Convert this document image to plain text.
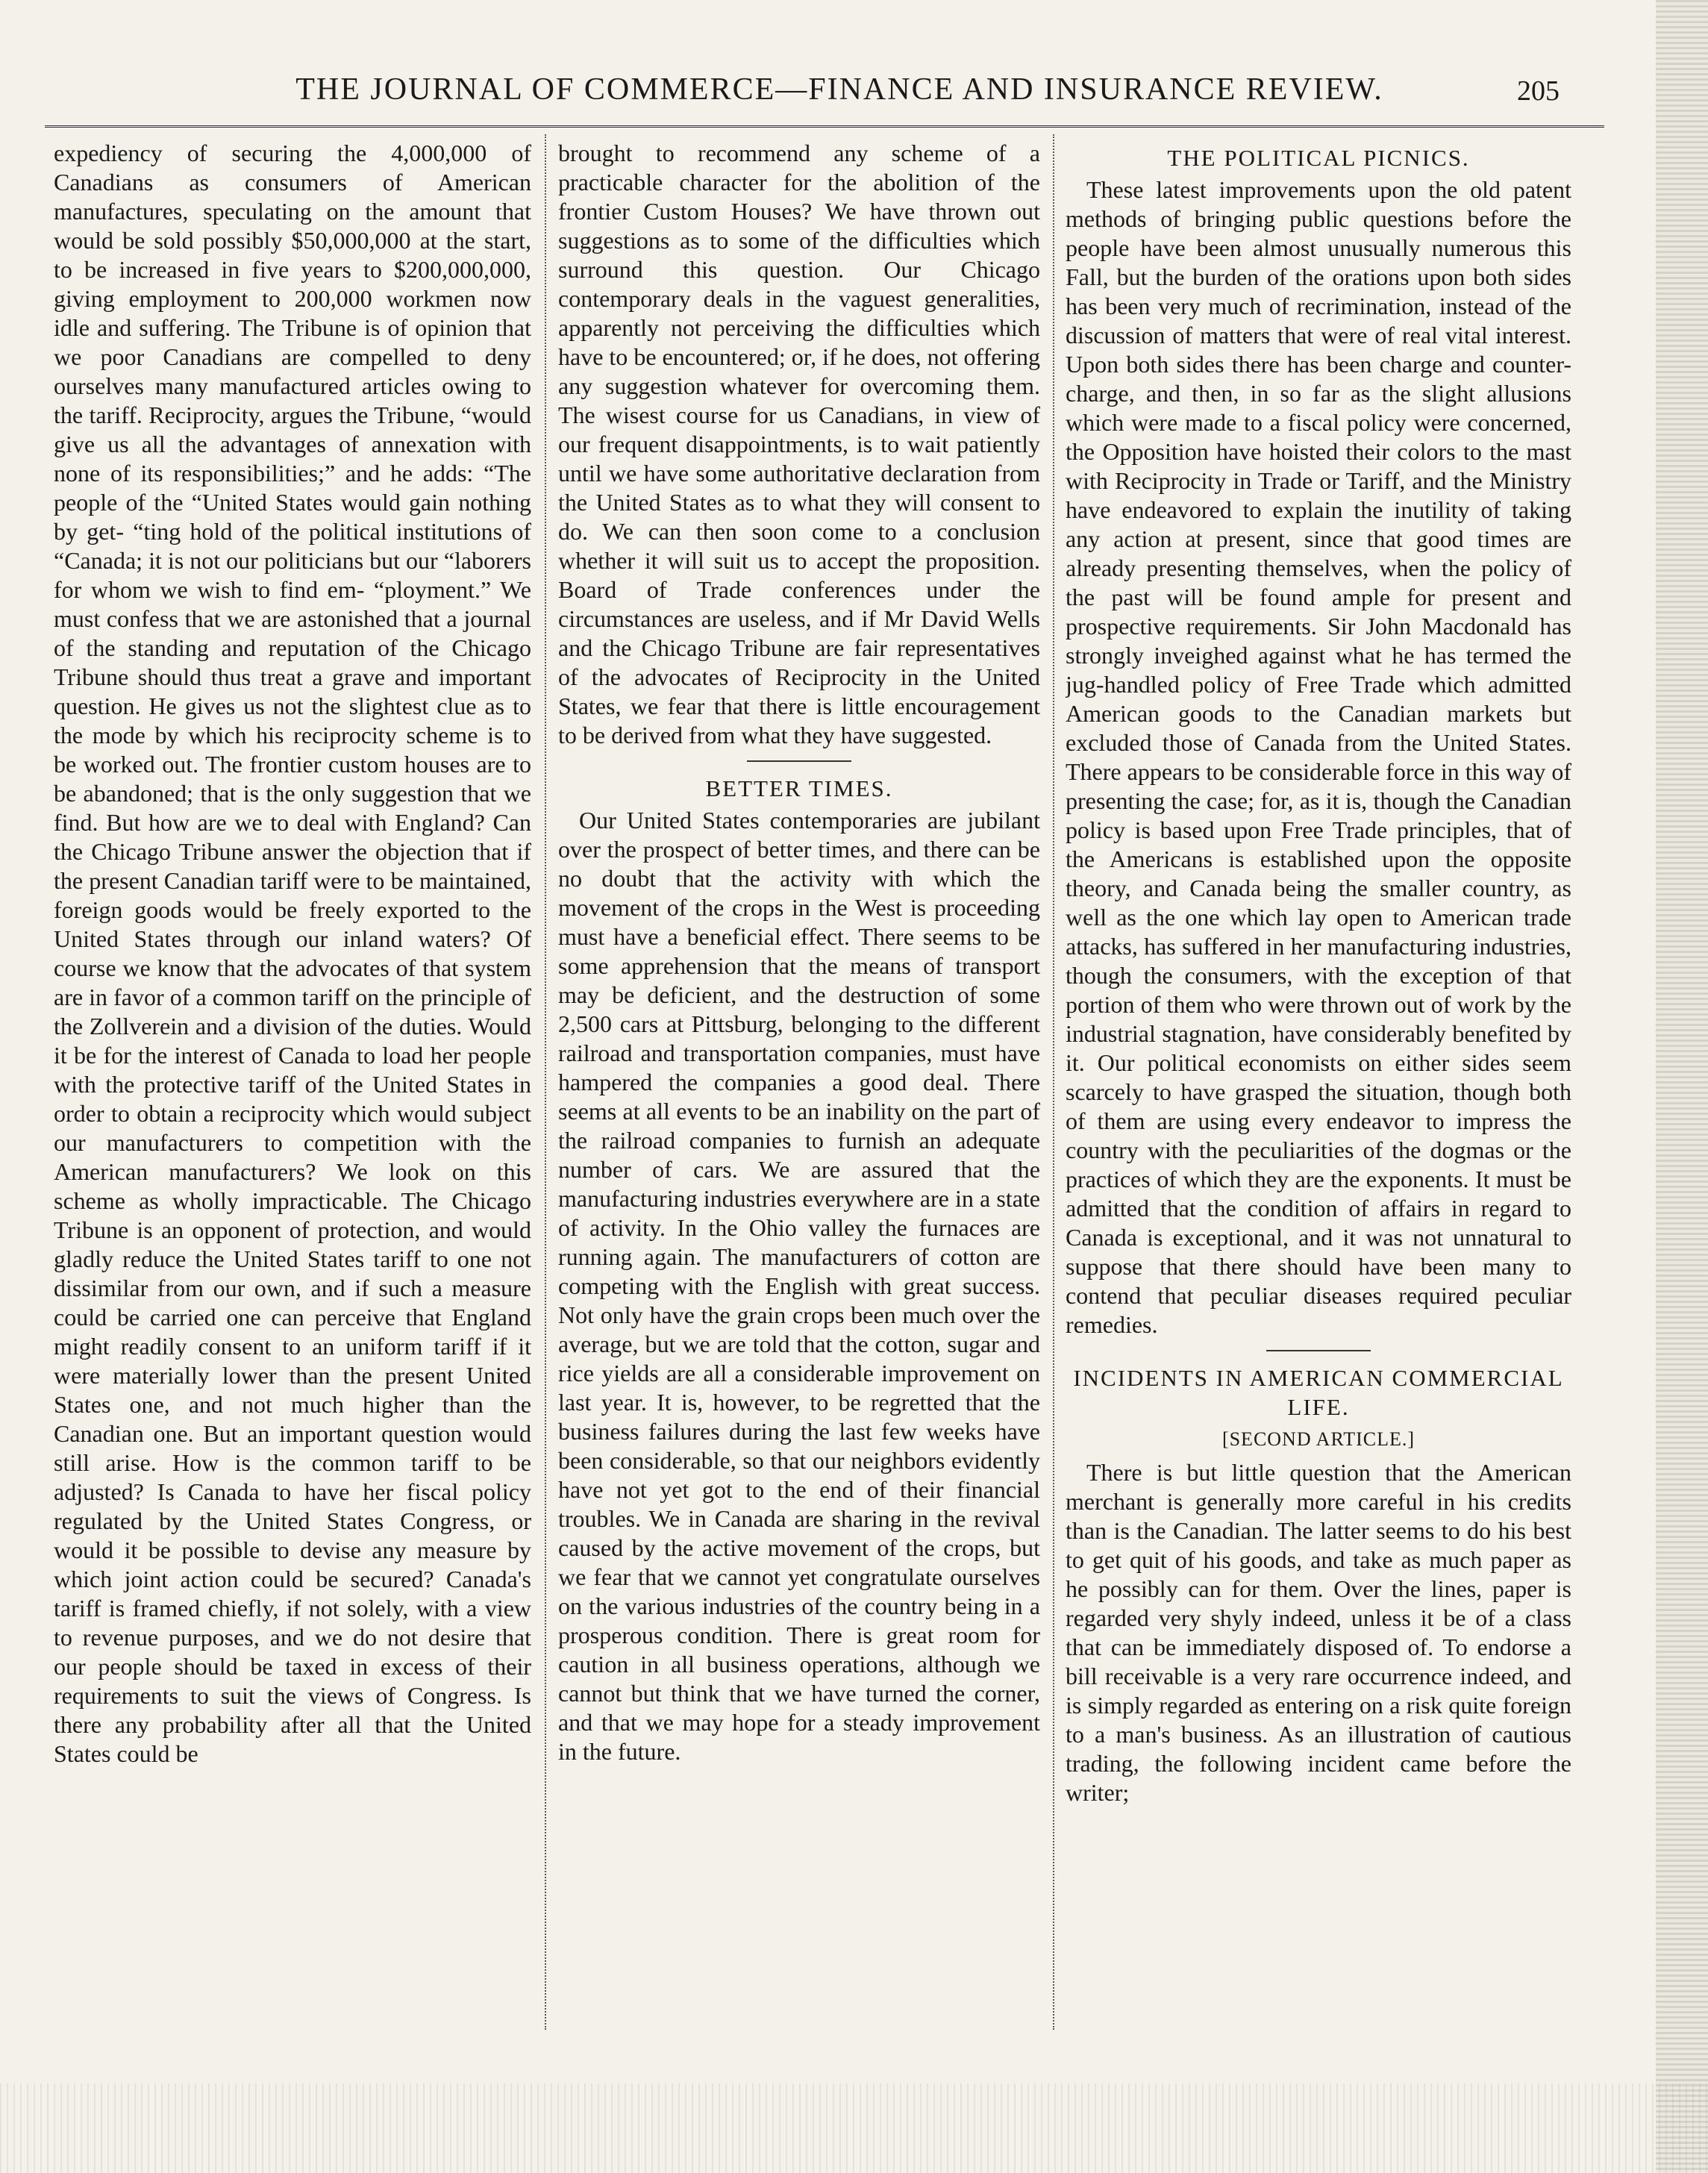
THE JOURNAL OF COMMERCE—FINANCE AND INSURANCE REVIEW.	205

expediency of securing the 4,000,000 of Canadians as consumers of American manufactures, speculating on the amount that would be sold possibly $50,000,000 at the start, to be increased in five years to $200,000,000, giving employment to 200,000 workmen now idle and suffering. The Tribune is of opinion that we poor Canadians are compelled to deny ourselves many manufactured articles owing to the tariff. Reciprocity, argues the Tribune, “would give us all the advantages of annexation with none of its responsibilities;” and he adds: “The people of the “United States would gain nothing by get- “ting hold of the political institutions of “Canada; it is not our politicians but our “laborers for whom we wish to find em- “ployment.” We must confess that we are astonished that a journal of the standing and reputation of the Chicago Tribune should thus treat a grave and important question. He gives us not the slightest clue as to the mode by which his reciprocity scheme is to be worked out. The frontier custom houses are to be abandoned; that is the only suggestion that we find. But how are we to deal with England? Can the Chicago Tribune answer the objection that if the present Canadian tariff were to be maintained, foreign goods would be freely exported to the United States through our inland waters? Of course we know that the advocates of that system are in favor of a common tariff on the principle of the Zollverein and a division of the duties. Would it be for the interest of Canada to load her people with the protective tariff of the United States in order to obtain a reciprocity which would subject our manufacturers to competition with the American manufacturers? We look on this scheme as wholly impracticable. The Chicago Tribune is an opponent of protection, and would gladly reduce the United States tariff to one not dissimilar from our own, and if such a measure could be carried one can perceive that England might readily consent to an uniform tariff if it were materially lower than the present United States one, and not much higher than the Canadian one. But an important question would still arise. How is the common tariff to be adjusted? Is Canada to have her fiscal policy regulated by the United States Congress, or would it be possible to devise any measure by which joint action could be secured? Canada's tariff is framed chiefly, if not solely, with a view to revenue purposes, and we do not desire that our people should be taxed in excess of their requirements to suit the views of Congress. Is there any probability after all that the United States could be

brought to recommend any scheme of a practicable character for the abolition of the frontier Custom Houses? We have thrown out suggestions as to some of the difficulties which surround this question. Our Chicago contemporary deals in the vaguest generalities, apparently not perceiving the difficulties which have to be encountered; or, if he does, not offering any suggestion whatever for overcoming them. The wisest course for us Canadians, in view of our frequent disappointments, is to wait patiently until we have some authoritative declaration from the United States as to what they will consent to do. We can then soon come to a conclusion whether it will suit us to accept the proposition. Board of Trade conferences under the circumstances are useless, and if Mr David Wells and the Chicago Tribune are fair representatives of the advocates of Reciprocity in the United States, we fear that there is little encouragement to be derived from what they have suggested.

BETTER TIMES.

Our United States contemporaries are jubilant over the prospect of better times, and there can be no doubt that the activity with which the movement of the crops in the West is proceeding must have a beneficial effect. There seems to be some apprehension that the means of transport may be deficient, and the destruction of some 2,500 cars at Pittsburg, belonging to the different railroad and transportation companies, must have hampered the companies a good deal. There seems at all events to be an inability on the part of the railroad companies to furnish an adequate number of cars. We are assured that the manufacturing industries everywhere are in a state of activity. In the Ohio valley the furnaces are running again. The manufacturers of cotton are competing with the English with great success. Not only have the grain crops been much over the average, but we are told that the cotton, sugar and rice yields are all a considerable improvement on last year. It is, however, to be regretted that the business failures during the last few weeks have been considerable, so that our neighbors evidently have not yet got to the end of their financial troubles. We in Canada are sharing in the revival caused by the active movement of the crops, but we fear that we cannot yet congratulate ourselves on the various industries of the country being in a prosperous condition. There is great room for caution in all business operations, although we cannot but think that we have turned the corner, and that we may hope for a steady improvement in the future.

THE POLITICAL PICNICS.

These latest improvements upon the old patent methods of bringing public questions before the people have been almost unusually numerous this Fall, but the burden of the orations upon both sides has been very much of recrimination, instead of the discussion of matters that were of real vital interest. Upon both sides there has been charge and counter-charge, and then, in so far as the slight allusions which were made to a fiscal policy were concerned, the Opposition have hoisted their colors to the mast with Reciprocity in Trade or Tariff, and the Ministry have endeavored to explain the inutility of taking any action at present, since that good times are already presenting themselves, when the policy of the past will be found ample for present and prospective requirements. Sir John Macdonald has strongly inveighed against what he has termed the jug-handled policy of Free Trade which admitted American goods to the Canadian markets but excluded those of Canada from the United States. There appears to be considerable force in this way of presenting the case; for, as it is, though the Canadian policy is based upon Free Trade principles, that of the Americans is established upon the opposite theory, and Canada being the smaller country, as well as the one which lay open to American trade attacks, has suffered in her manufacturing industries, though the consumers, with the exception of that portion of them who were thrown out of work by the industrial stagnation, have considerably benefited by it. Our political economists on either sides seem scarcely to have grasped the situation, though both of them are using every endeavor to impress the country with the peculiarities of the dogmas or the practices of which they are the exponents. It must be admitted that the condition of affairs in regard to Canada is exceptional, and it was not unnatural to suppose that there should have been many to contend that peculiar diseases required peculiar remedies.

INCIDENTS IN AMERICAN COMMERCIAL LIFE.
[SECOND ARTICLE.]

There is but little question that the American merchant is generally more careful in his credits than is the Canadian. The latter seems to do his best to get quit of his goods, and take as much paper as he possibly can for them. Over the lines, paper is regarded very shyly indeed, unless it be of a class that can be immediately disposed of. To endorse a bill receivable is a very rare occurrence indeed, and is simply regarded as entering on a risk quite foreign to a man's business. As an illustration of cautious trading, the following incident came before the writer;
